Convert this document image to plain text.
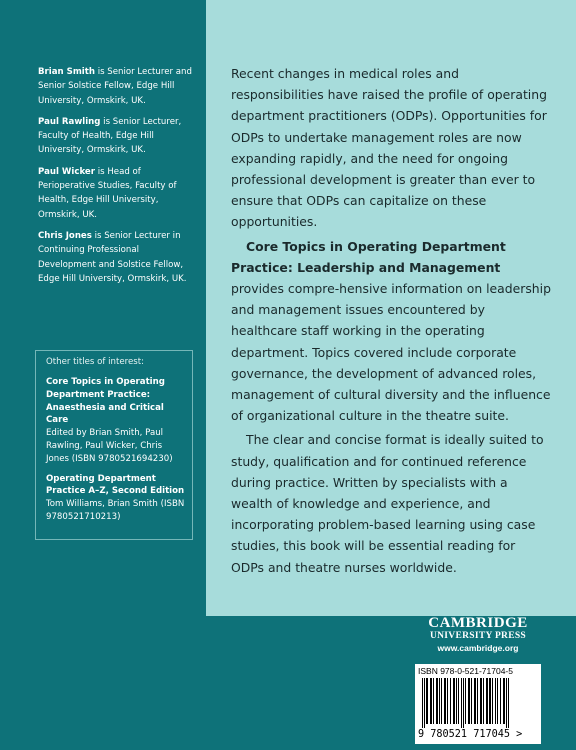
Brian Smith is Senior Lecturer and Senior Solstice Fellow, Edge Hill University, Ormskirk, UK.

Paul Rawling is Senior Lecturer, Faculty of Health, Edge Hill University, Ormskirk, UK.

Paul Wicker is Head of Perioperative Studies, Faculty of Health, Edge Hill University, Ormskirk, UK.

Chris Jones is Senior Lecturer in Continuing Professional Development and Solstice Fellow, Edge Hill University, Ormskirk, UK.

Other titles of interest:
Core Topics in Operating Department Practice: Anaesthesia and Critical Care
Edited by Brian Smith, Paul Rawling, Paul Wicker, Chris Jones (ISBN 9780521694230)
Operating Department Practice A–Z, Second Edition
Tom Williams, Brian Smith (ISBN 9780521710213)

Recent changes in medical roles and responsibilities have raised the profile of operating department practitioners (ODPs). Opportunities for ODPs to undertake management roles are now expanding rapidly, and the need for ongoing professional development is greater than ever to ensure that ODPs can capitalize on these opportunities.

Core Topics in Operating Department Practice: Leadership and Management provides compre-hensive information on leadership and management issues encountered by healthcare staff working in the operating department. Topics covered include corporate governance, the development of advanced roles, management of cultural diversity and the influence of organizational culture in the theatre suite.

The clear and concise format is ideally suited to study, qualification and for continued reference during practice. Written by specialists with a wealth of knowledge and experience, and incorporating problem-based learning using case studies, this book will be essential reading for ODPs and theatre nurses worldwide.

CAMBRIDGE
UNIVERSITY PRESS
www.cambridge.org
ISBN 978-0-521-71704-5
9 780521 717045 >
